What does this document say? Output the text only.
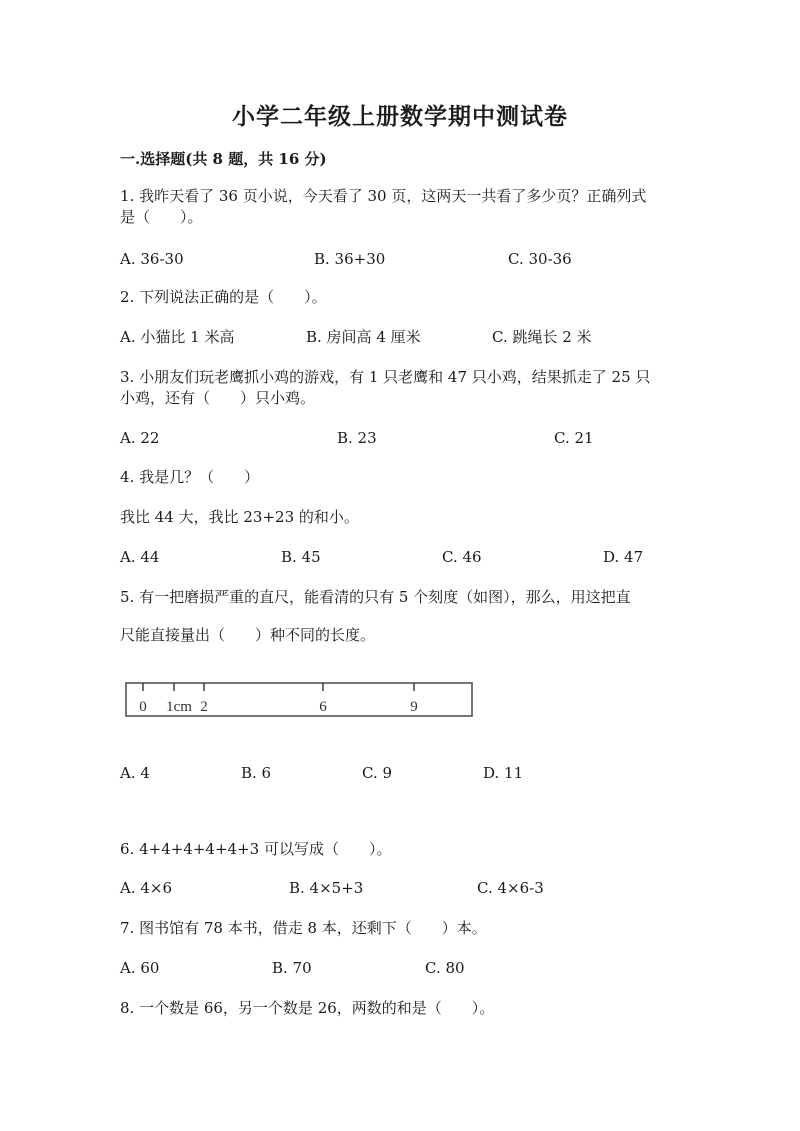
小学二年级上册数学期中测试卷
一.选择题(共 8 题，共 16 分)
1. 我昨天看了 36 页小说，今天看了 30 页，这两天一共看了多少页？正确列式
是（　　）。
A. 36-30	B. 36+30	C. 30-36
2. 下列说法正确的是（　　）。
A. 小猫比 1 米高	B. 房间高 4 厘米	C. 跳绳长 2 米
3. 小朋友们玩老鹰抓小鸡的游戏，有 1 只老鹰和 47 只小鸡，结果抓走了 25 只
小鸡，还有（　　）只小鸡。
A. 22	B. 23	C. 21
4. 我是几？（　　）
我比 44 大，我比 23+23 的和小。
A. 44	B. 45	C. 46	D. 47
5. 有一把磨损严重的直尺，能看清的只有 5 个刻度（如图），那么，用这把直
尺能直接量出（　　）种不同的长度。
0 1cm 2	6	9
A. 4	B. 6	C. 9	D. 11
6. 4+4+4+4+4+3 可以写成（　　）。
A. 4×6	B. 4×5+3	C. 4×6-3
7. 图书馆有 78 本书，借走 8 本，还剩下（　　）本。
A. 60	B. 70	C. 80
8. 一个数是 66，另一个数是 26，两数的和是（　　）。
